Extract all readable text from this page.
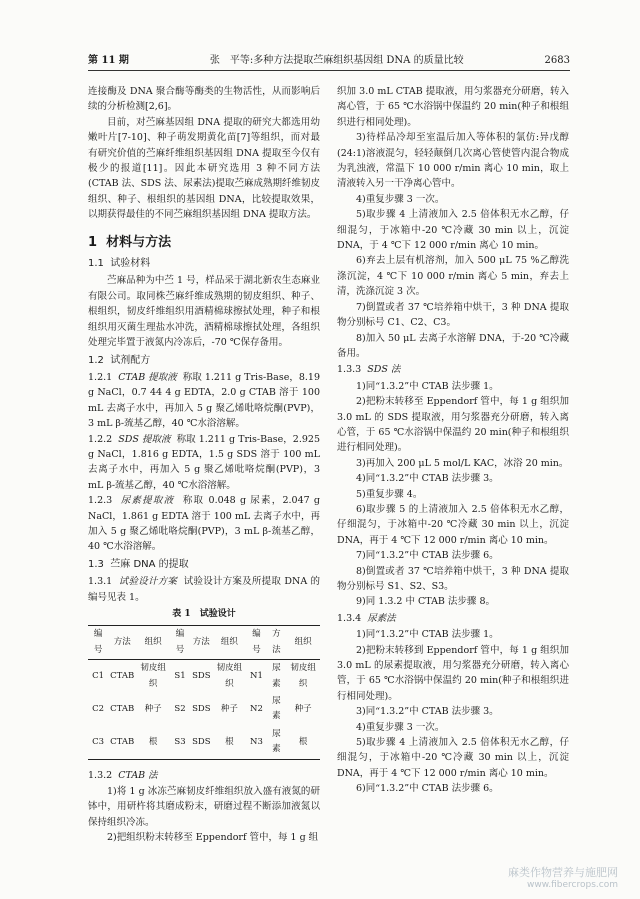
第 11 期	张　平等:多种方法提取苎麻组织基因组 DNA 的质量比较	2683

连接酶及 DNA 聚合酶等酶类的生物活性，从而影响后续的分析检测[2,6]。

目前，对苎麻基因组 DNA 提取的研究大都选用幼嫩叶片[7-10]、种子萌发期黄化苗[7]等组织，而对最有研究价值的苎麻纤维组织基因组 DNA 提取至今仅有极少的报道[11]。因此本研究选用 3 种不同方法(CTAB 法、SDS 法、尿素法)提取苎麻成熟期纤维韧皮组织、种子、根组织的基因组 DNA，比较提取效果，以期获得最佳的不同苎麻组织基因组 DNA 提取方法。

1 材料与方法
1.1 试验材料

苎麻品种为中苎 1 号，样品采于湖北新农生态麻业有限公司。取同株苎麻纤维成熟期的韧皮组织、种子、根组织，韧皮纤维组织用酒精棉球擦拭处理，种子和根组织用灭菌生理盐水冲洗，酒精棉球擦拭处理，各组织处理完毕置于液氮内冷冻后，-70 ℃保存备用。

1.2 试剂配方

1.2.1 CTAB 提取液 称取 1.211 g Tris-Base，8.19 g NaCl，0.7 44 4 g EDTA，2.0 g CTAB 溶于 100 mL 去离子水中，再加入 5 g 聚乙烯吡咯烷酮(PVP)，3 mL β-巯基乙醇，40 ℃水浴溶解。

1.2.2 SDS 提取液 称取 1.211 g Tris-Base，2.925 g NaCl，1.816 g EDTA，1.5 g SDS 溶于 100 mL 去离子水中，再加入 5 g 聚乙烯吡咯烷酮(PVP)，3 mL β-巯基乙醇，40 ℃水浴溶解。

1.2.3 尿素提取液 称取 0.048 g 尿素，2.047 g NaCl，1.861 g EDTA 溶于 100 mL 去离子水中，再加入 5 g 聚乙烯吡咯烷酮(PVP)，3 mL β-巯基乙醇，40 ℃水浴溶解。

1.3 苎麻 DNA 的提取

1.3.1 试验设计方案 试验设计方案及所提取 DNA 的编号见表 1。

表 1　试验设计
编号	方法	组织	编号	方法	组织	编号	方法	组织
C1	CTAB	韧皮组织	S1	SDS	韧皮组织	N1	尿素	韧皮组织
C2	CTAB	种子	S2	SDS	种子	N2	尿素	种子
C3	CTAB	根	S3	SDS	根	N3	尿素	根
1.3.2 CTAB 法

1)将 1 g 冰冻苎麻韧皮纤维组织放入盛有液氮的研钵中，用研杵将其磨成粉末，研磨过程不断添加液氮以保持组织冷冻。

2)把组织粉末转移至 Eppendorf 管中，每 1 g 组

织加 3.0 mL CTAB 提取液，用匀浆器充分研磨，转入离心管，于 65 ℃水浴锅中保温约 20 min(种子和根组织进行相同处理)。

3)待样品冷却至室温后加入等体积的氯仿:异戊醇(24:1)溶液混匀，轻轻颠倒几次离心管使管内混合物成为乳浊液，常温下 10 000 r/min 离心 10 min，取上清液转入另一干净离心管中。

4)重复步骤 3 一次。

5)取步骤 4 上清液加入 2.5 倍体积无水乙醇，仔细混匀，于冰箱中-20 ℃冷藏 30 min 以上，沉淀 DNA，于 4 ℃下 12 000 r/min 离心 10 min。

6)弃去上层有机溶剂，加入 500 μL 75 %乙醇洗涤沉淀，4 ℃下 10 000 r/min 离心 5 min，弃去上清，洗涤沉淀 3 次。

7)倒置或者 37 ℃培养箱中烘干，3 种 DNA 提取物分别标号 C1、C2、C3。

8)加入 50 μL 去离子水溶解 DNA，于-20 ℃冷藏备用。

1.3.3 SDS 法

1)同“1.3.2”中 CTAB 法步骤 1。

2)把粉末转移至 Eppendorf 管中，每 1 g 组织加 3.0 mL 的 SDS 提取液，用匀浆器充分研磨，转入离心管，于 65 ℃水浴锅中保温约 20 min(种子和根组织进行相同处理)。

3)再加入 200 μL 5 mol/L KAC，冰浴 20 min。

4)同“1.3.2”中 CTAB 法步骤 3。

5)重复步骤 4。

6)取步骤 5 的上清液加入 2.5 倍体积无水乙醇，仔细混匀，于冰箱中-20 ℃冷藏 30 min 以上，沉淀 DNA，再于 4 ℃下 12 000 r/min 离心 10 min。

7)同“1.3.2”中 CTAB 法步骤 6。

8)倒置或者 37 ℃培养箱中烘干，3 种 DNA 提取物分别标号 S1、S2、S3。

9)同 1.3.2 中 CTAB 法步骤 8。

1.3.4 尿素法

1)同“1.3.2”中 CTAB 法步骤 1。

2)把粉末转移到 Eppendorf 管中，每 1 g 组织加 3.0 mL 的尿素提取液，用匀浆器充分研磨，转入离心管，于 65 ℃水浴锅中保温约 20 min(种子和根组织进行相同处理)。

3)同“1.3.2”中 CTAB 法步骤 3。

4)重复步骤 3 一次。

5)取步骤 4 上清液加入 2.5 倍体积无水乙醇，仔细混匀，于冰箱中-20 ℃冷藏 30 min 以上，沉淀 DNA，再于 4 ℃下 12 000 r/min 离心 10 min。

6)同“1.3.2”中 CTAB 法步骤 6。

麻类作物营养与施肥网
www.fibercrops.com
